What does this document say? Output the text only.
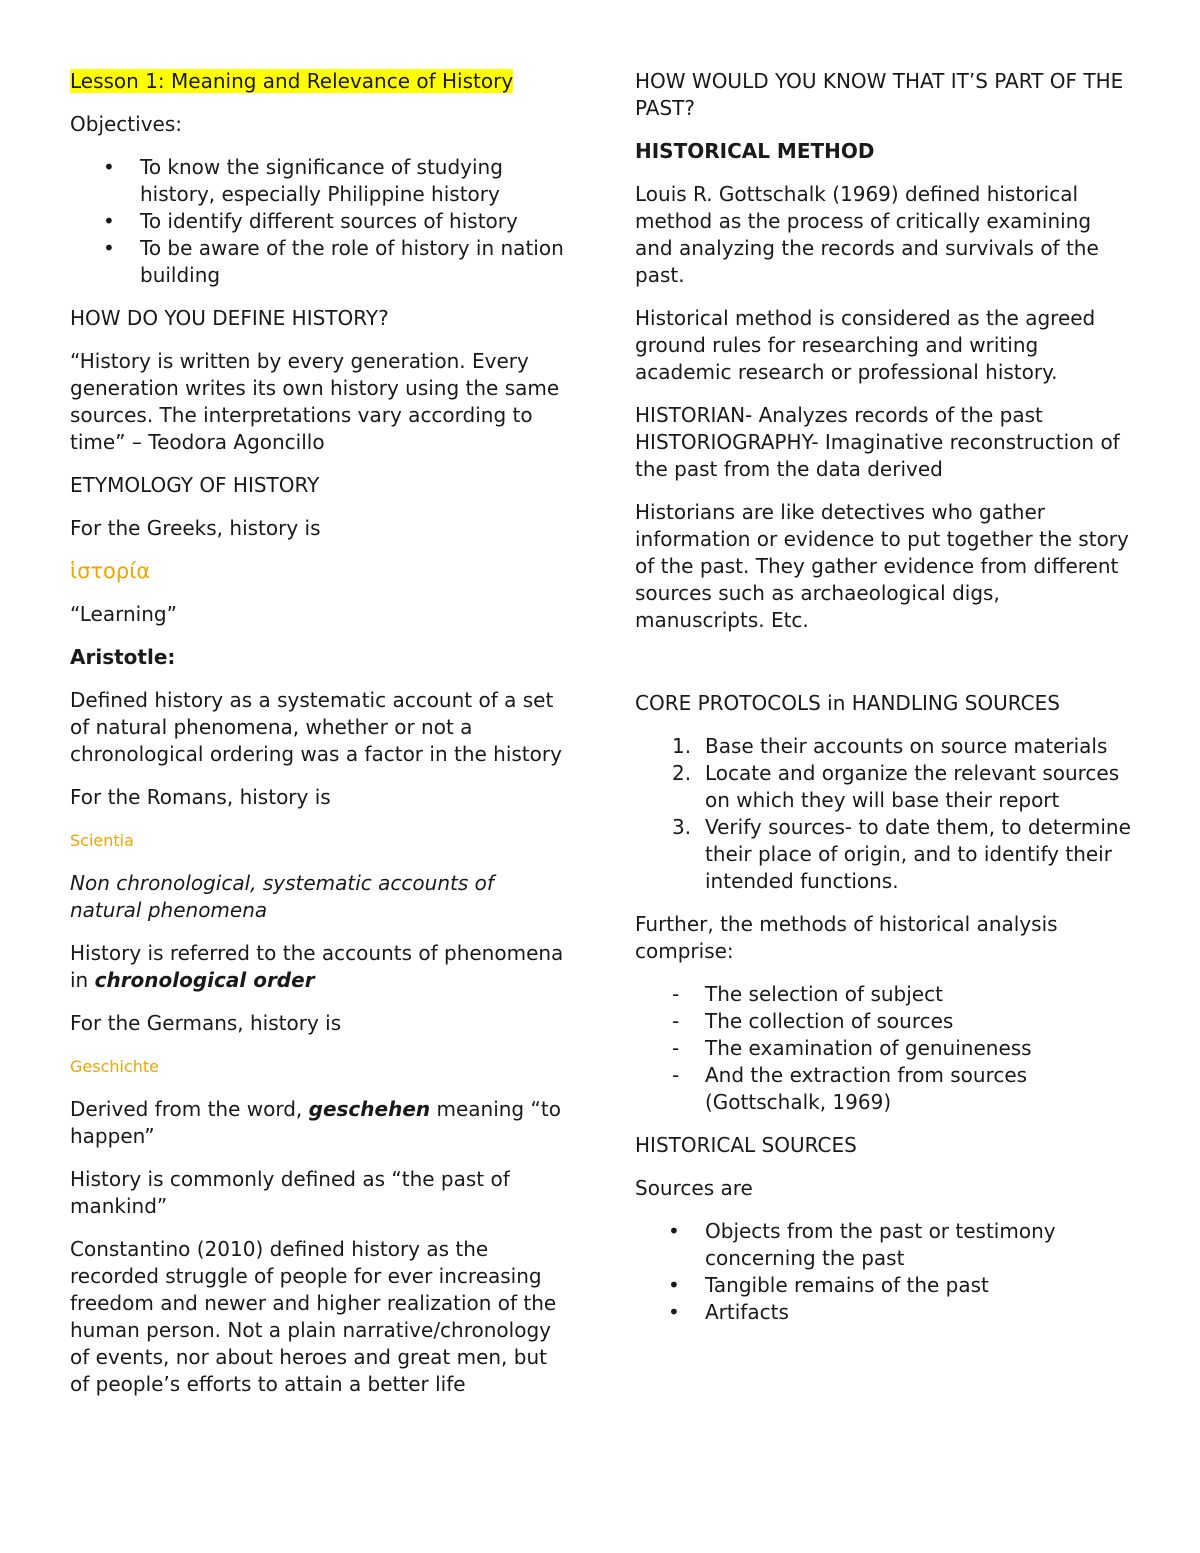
Lesson 1: Meaning and Relevance of History

Objectives:

• To know the significance of studying history, especially Philippine history
• To identify different sources of history
• To be aware of the role of history in nation building

HOW DO YOU DEFINE HISTORY?

“History is written by every generation. Every generation writes its own history using the same sources. The interpretations vary according to time” – Teodora Agoncillo

ETYMOLOGY OF HISTORY

For the Greeks, history is

ἱστορία

“Learning”

Aristotle:

Defined history as a systematic account of a set of natural phenomena, whether or not a chronological ordering was a factor in the history

For the Romans, history is

Scientia

Non chronological, systematic accounts of natural phenomena

History is referred to the accounts of phenomena in chronological order

For the Germans, history is

Geschichte

Derived from the word, geschehen meaning “to happen”

History is commonly defined as “the past of mankind”

Constantino (2010) defined history as the recorded struggle of people for ever increasing freedom and newer and higher realization of the human person. Not a plain narrative/chronology of events, nor about heroes and great men, but of people’s efforts to attain a better life

HOW WOULD YOU KNOW THAT IT’S PART OF THE PAST?

HISTORICAL METHOD

Louis R. Gottschalk (1969) defined historical method as the process of critically examining and analyzing the records and survivals of the past.

Historical method is considered as the agreed ground rules for researching and writing academic research or professional history.

HISTORIAN- Analyzes records of the past
HISTORIOGRAPHY- Imaginative reconstruction of the past from the data derived

Historians are like detectives who gather information or evidence to put together the story of the past. They gather evidence from different sources such as archaeological digs, manuscripts. Etc.

CORE PROTOCOLS in HANDLING SOURCES

1. Base their accounts on source materials
2. Locate and organize the relevant sources on which they will base their report
3. Verify sources- to date them, to determine their place of origin, and to identify their intended functions.

Further, the methods of historical analysis comprise:

- The selection of subject
- The collection of sources
- The examination of genuineness
- And the extraction from sources (Gottschalk, 1969)

HISTORICAL SOURCES

Sources are

• Objects from the past or testimony concerning the past
• Tangible remains of the past
• Artifacts
